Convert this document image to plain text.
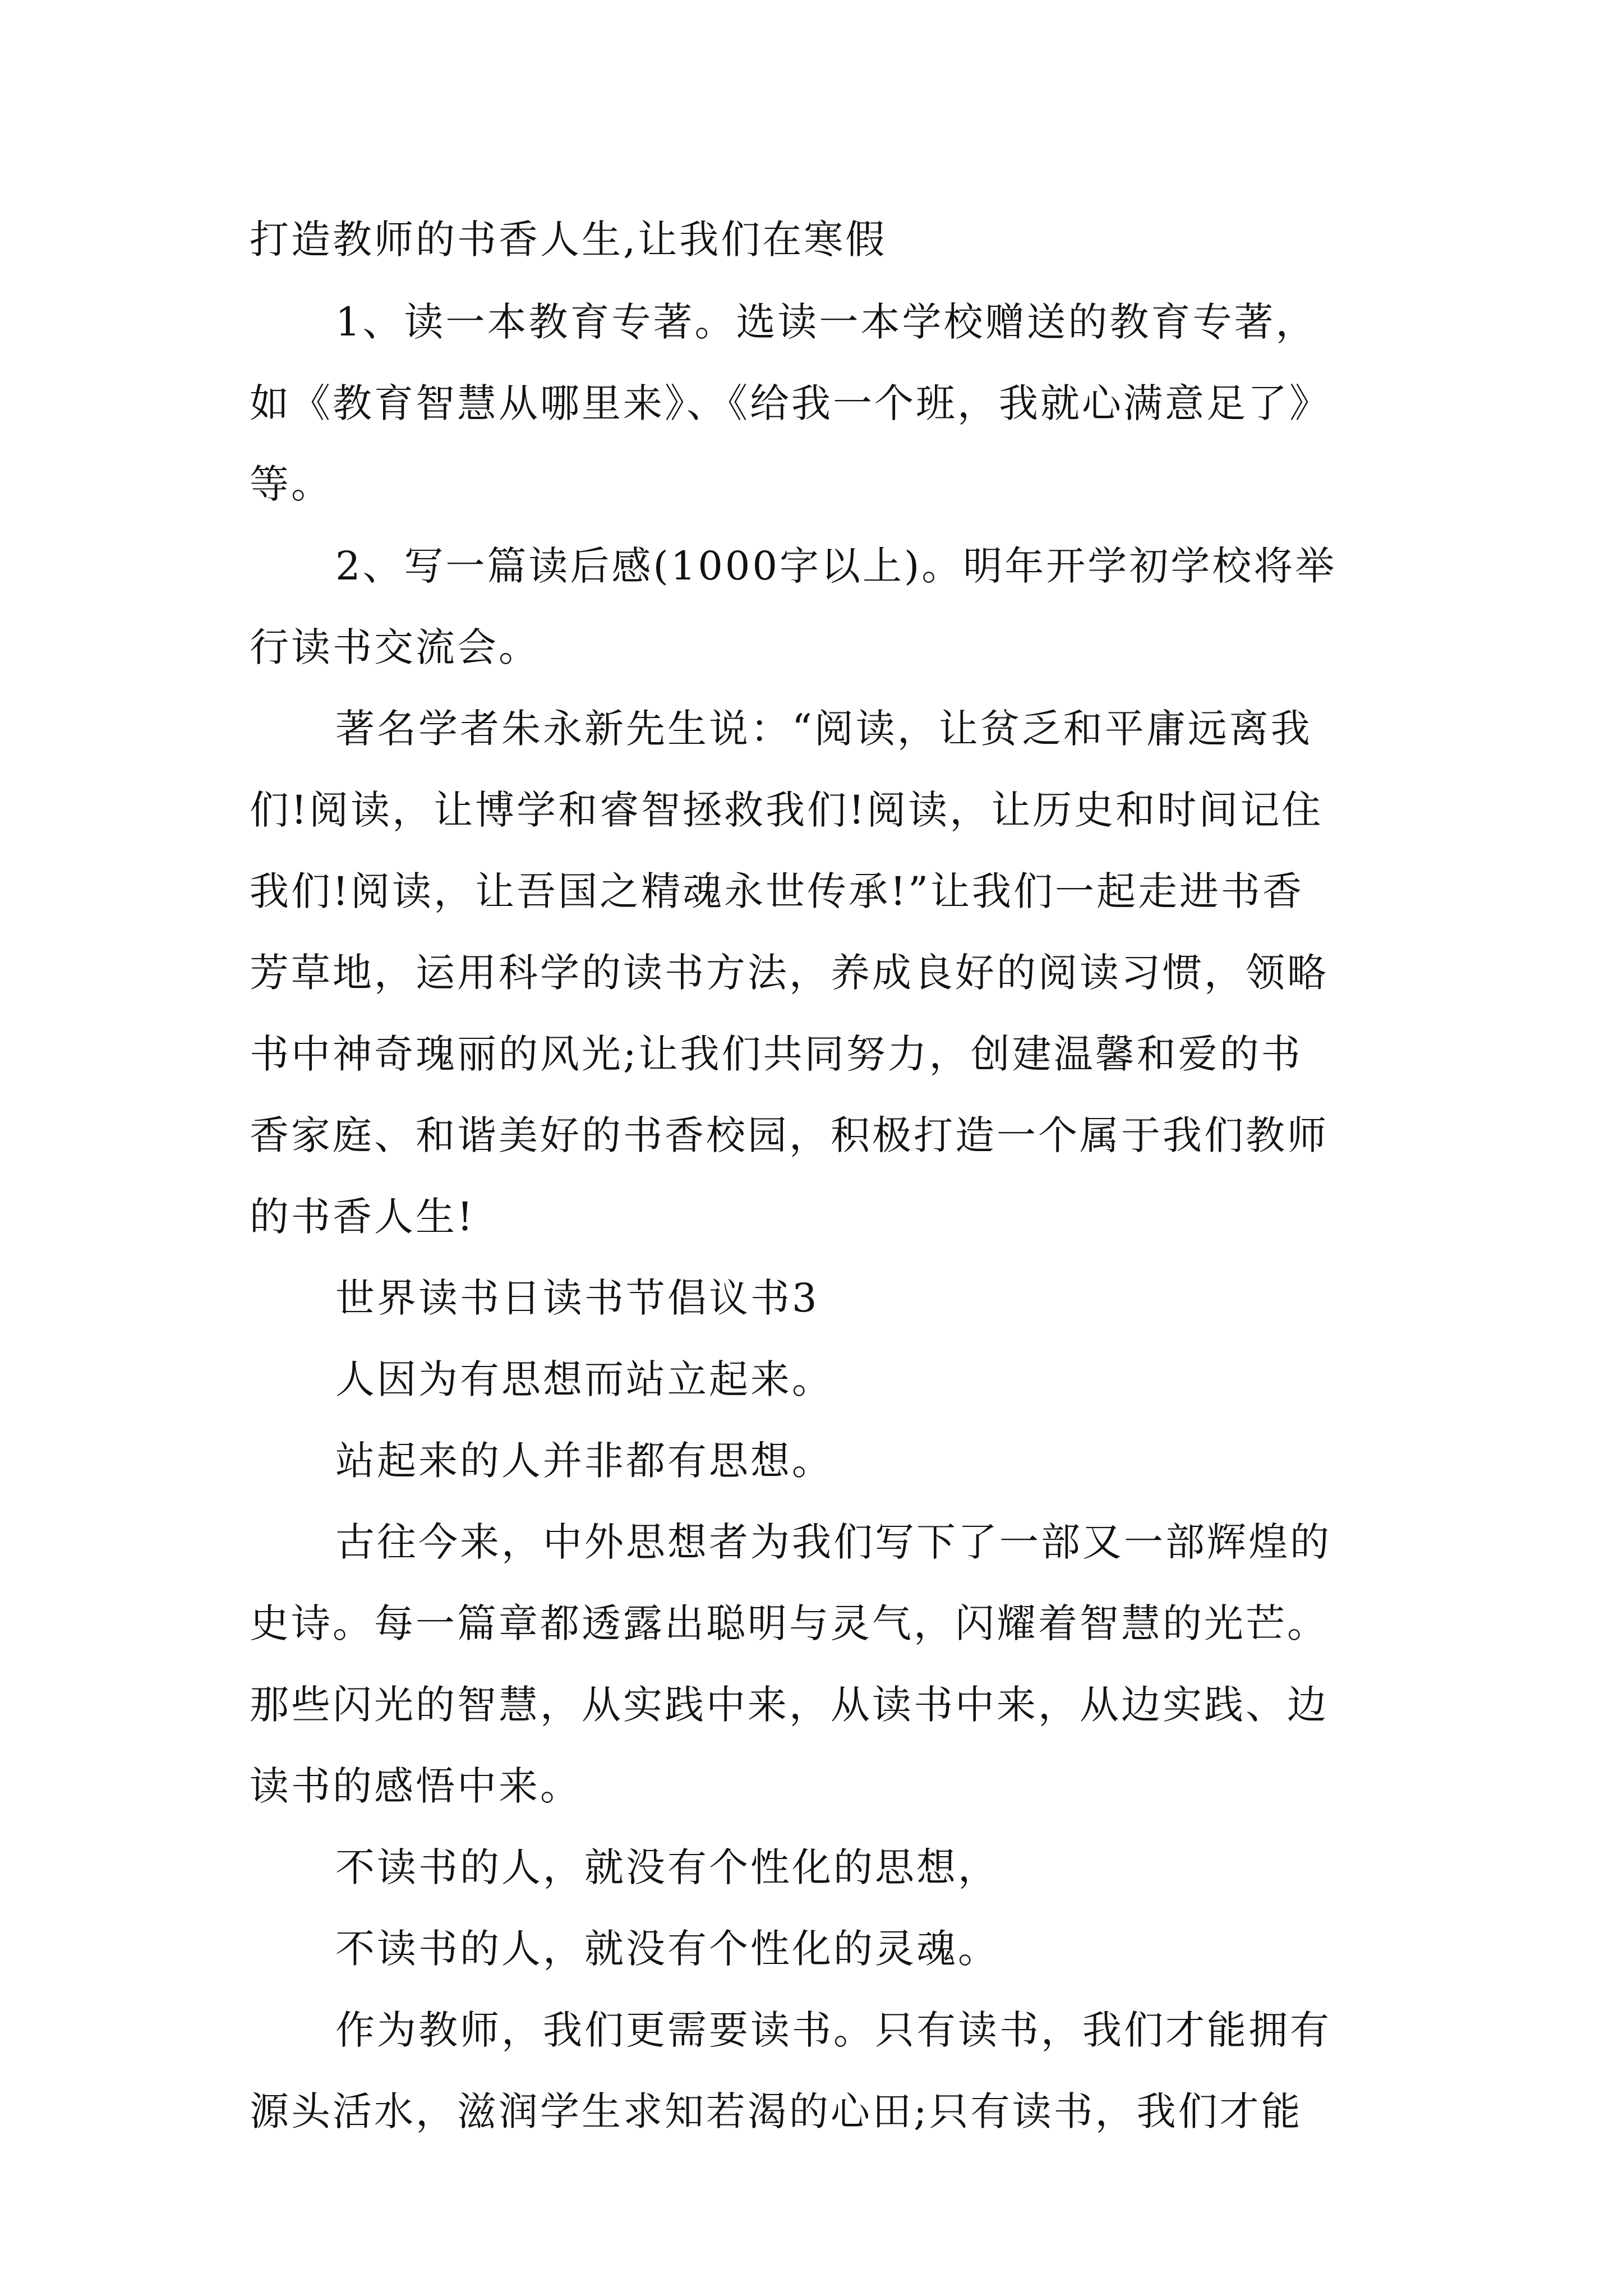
打造教师的书香人生,让我们在寒假
1、读一本教育专著。选读一本学校赠送的教育专著，
如《教育智慧从哪里来》、《给我一个班，我就心满意足了》
等。
2、写一篇读后感(1000字以上)。明年开学初学校将举
行读书交流会。
著名学者朱永新先生说：“阅读，让贫乏和平庸远离我
们!阅读，让博学和睿智拯救我们!阅读，让历史和时间记住
我们!阅读，让吾国之精魂永世传承!”让我们一起走进书香
芳草地，运用科学的读书方法，养成良好的阅读习惯，领略
书中神奇瑰丽的风光;让我们共同努力，创建温馨和爱的书
香家庭、和谐美好的书香校园，积极打造一个属于我们教师
的书香人生!
世界读书日读书节倡议书3
人因为有思想而站立起来。
站起来的人并非都有思想。
古往今来，中外思想者为我们写下了一部又一部辉煌的
史诗。每一篇章都透露出聪明与灵气，闪耀着智慧的光芒。
那些闪光的智慧，从实践中来，从读书中来，从边实践、边
读书的感悟中来。
不读书的人，就没有个性化的思想，
不读书的人，就没有个性化的灵魂。
作为教师，我们更需要读书。只有读书，我们才能拥有
源头活水，滋润学生求知若渴的心田;只有读书，我们才能
